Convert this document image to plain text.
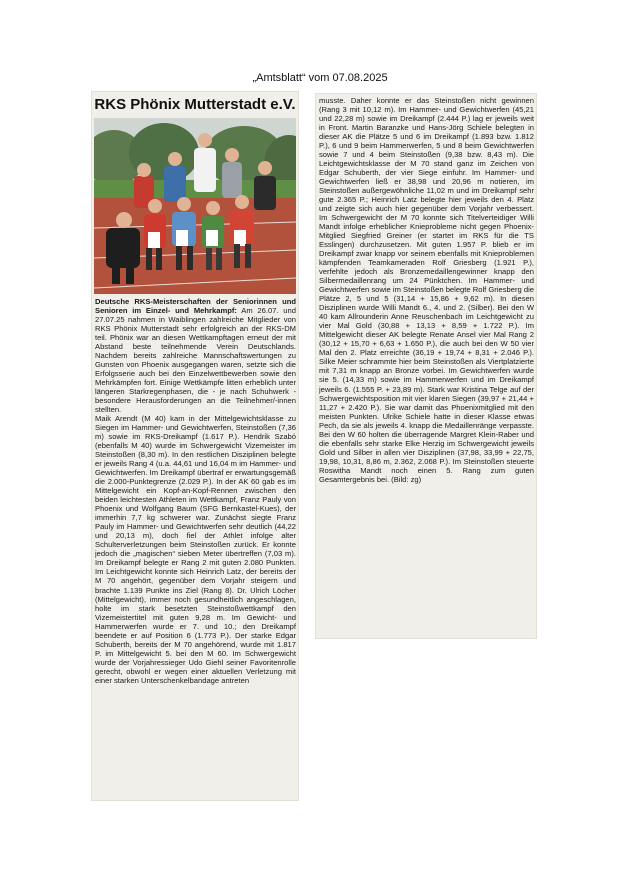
„Amtsblatt“ vom 07.08.2025
RKS Phönix Mutterstadt e.V.

Deutsche RKS-Meisterschaften der Seniorinnen und Senioren im Einzel- und Mehrkampf: Am 26.07. und 27.07.25 nahmen in Waiblingen zahlreiche Mitglieder von RKS Phönix Mutterstadt sehr erfolgreich an der RKS-DM teil. Phönix war an diesen Wettkampftagen erneut der mit Abstand beste teilnehmende Verein Deutschlands. Nachdem bereits zahlreiche Mannschaftswertungen zu Gunsten von Phoenix ausgegangen waren, setzte sich die Erfolgsserie auch bei den Einzelwettbewerben sowie den Mehrkämpfen fort. Einige Wettkämpfe litten erheblich unter längeren Starkregenphasen, die - je nach Schuhwerk - besondere Herausforderungen an die Teilnehmer/-innen stellten.

Maik Arendt (M 40) kam in der Mittelgewichtsklasse zu Siegen im Hammer- und Gewichtwerfen, Steinstoßen (7,36 m) sowie im RKS-Dreikampf (1.617 P.). Hendrik Szabó (ebenfalls M 40) wurde im Schwergewicht Vizemeister im Steinstoßen (8,30 m). In den restlichen Disziplinen belegte er jeweils Rang 4 (u.a. 44,61 und 16,04 m im Hammer- und Gewichtwerfen. Im Dreikampf übertraf er erwartungsgemäß die 2.000-Punktegrenze (2.029 P.). In der AK 60 gab es im Mittelgewicht ein Kopf-an-Kopf-Rennen zwischen den beiden leichtesten Athleten im Wettkampf, Franz Pauly von Phoenix und Wolfgang Baum (SFG Bernkastel-Kues), der immerhin 7,7 kg schwerer war. Zunächst siegte Franz Pauly im Hammer- und Gewichtwerfen sehr deutlich (44,22 und 20,13 m), doch fiel der Athlet infolge alter Schulterverletzungen beim Steinstoßen zurück. Er konnte jedoch die „magischen“ sieben Meter übertreffen (7,03 m). Im Dreikampf belegte er Rang 2 mit guten 2.080 Punkten. Im Leichtgewicht konnte sich Heinrich Latz, der bereits der M 70 angehört, gegenüber dem Vorjahr steigern und brachte 1.139 Punkte ins Ziel (Rang 8). Dr. Ulrich Löcher (Mittelgewicht), immer noch gesundheitlich angeschlagen, holte im stark besetzten Steinstoßwettkampf den Vizemeistertitel mit guten 9,28 m. Im Gewicht- und Hammerwerfen wurde er 7. und 10.; den Dreikampf beendete er auf Position 6 (1.773 P.). Der starke Edgar Schuberth, bereits der M 70 angehörend, wurde mit 1.817 P. im Mittelgewicht 5. bei den M 60. Im Schwergewicht wurde der Vorjahressieger Udo Giehl seiner Favoritenrolle gerecht, obwohl er wegen einer aktuellen Verletzung mit einer starken Unterschenkelbandage antreten

musste. Daher konnte er das Steinstoßen nicht gewinnen (Rang 3 mit 10,12 m). Im Hammer- und Gewichtwerfen (45,21 und 22,28 m) sowie im Dreikampf (2.444 P.) lag er jeweils weit in Front. Martin Baranzke und Hans-Jörg Schiele belegten in dieser AK die Plätze 5 und 6 im Dreikampf (1.893 bzw. 1.812 P.), 6 und 9 beim Hammerwerfen, 5 und 8 beim Gewichtwerfen sowie 7 und 4 beim Steinstoßen (9,38 bzw. 8,43 m). Die Leichtgewichtsklasse der M 70 stand ganz im Zeichen von Edgar Schuberth, der vier Siege einfuhr. Im Hammer- und Gewichtwerfen ließ er 38,98 und 20,96 m notieren, im Steinstoßen außergewöhnliche 11,02 m und im Dreikampf sehr gute 2.365 P.; Heinrich Latz belegte hier jeweils den 4. Platz und zeigte sich auch hier gegenüber dem Vorjahr verbessert. Im Schwergewicht der M 70 konnte sich Titelverteidiger Willi Mandt infolge erheblicher Knieprobleme nicht gegen Phoenix-Mitglied Siegfried Greiner (er startet im RKS für die TS Esslingen) durchzusetzen. Mit guten 1.957 P. blieb er im Dreikampf zwar knapp vor seinem ebenfalls mit Knieproblemen kämpfenden Teamkameraden Rolf Griesberg (1.921 P.), verfehlte jedoch als Bronzemedaillengewinner knapp den Silbermedaillenrang um 24 Pünktchen. Im Hammer- und Gewichtwerfen sowie im Steinstoßen belegte Rolf Griesberg die Plätze 2, 5 und 5 (31,14 + 15,86 + 9,62 m). In diesen Disziplinen wurde Willi Mandt 6., 4. und 2. (Silber). Bei den W 40 kam Allrounderin Anne Reuschenbach im Leichtgewicht zu vier Mal Gold (30,88 + 13,13 + 8,59 + 1.722 P.). Im Mittelgewicht dieser AK belegte Renate Ansel vier Mal Rang 2 (30,12 + 15,70 + 6,63 + 1.650 P.), die auch bei den W 50 vier Mal den 2. Platz erreichte (36,19 + 19,74 + 8,31 + 2.046 P.). Silke Meier schrammte hier beim Steinstoßen als Viertplatzierte mit 7,31 m knapp an Bronze vorbei. Im Gewichtwerfen wurde sie 5. (14,33 m) sowie im Hammerwerfen und im Dreikampf jeweils 6. (1.555 P. + 23,89 m). Stark war Kristina Telge auf der Schwergewichtsposition mit vier klaren Siegen (39,97 + 21,44 + 11,27 + 2.420 P.). Sie war damit das Phoenixmitglied mit den meisten Punkten. Ulrike Schiele hatte in dieser Klasse etwas Pech, da sie als jeweils 4. knapp die Medaillenränge verpasste. Bei den W 60 holten die überragende Margret Klein-Raber und die ebenfalls sehr starke Elke Herzig im Schwergewicht jeweils Gold und Silber in allen vier Disziplinen (37,98, 33,99 + 22,75, 19,98, 10,31, 8,86 m, 2.362, 2.068 P.). Im Steinstoßen steuerte Roswitha Mandt noch einen 5. Rang zum guten Gesamtergebnis bei. (Bild: zg)
